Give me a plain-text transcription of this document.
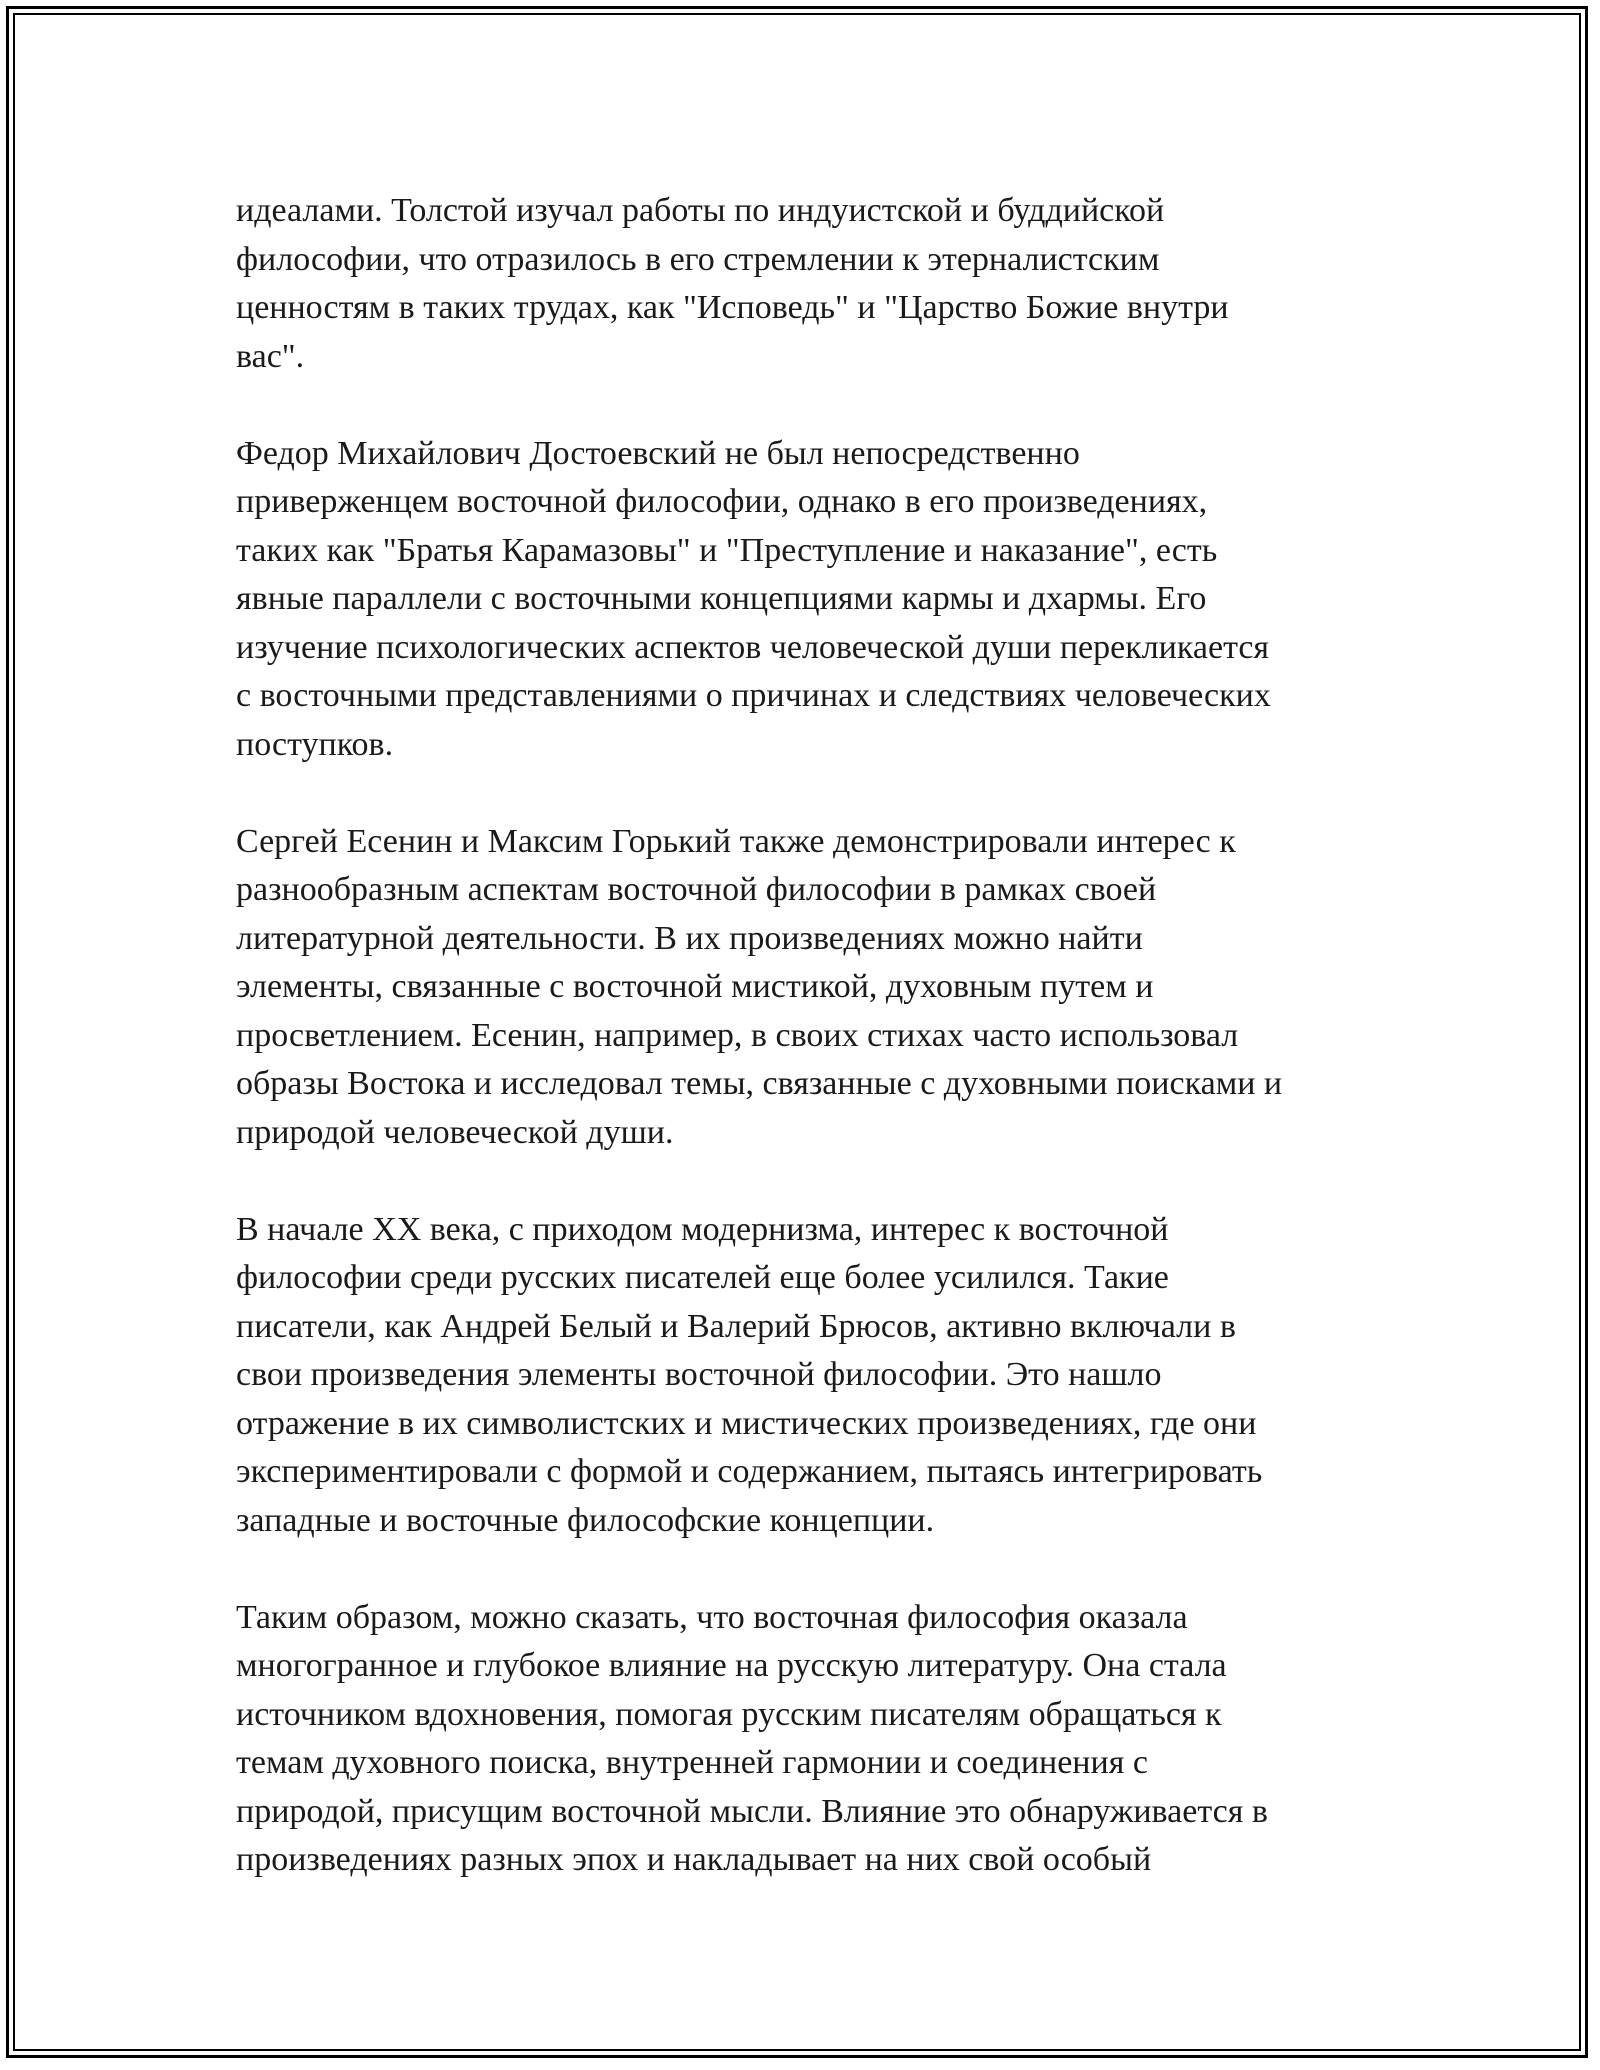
идеалами. Толстой изучал работы по индуистской и буддийской
философии, что отразилось в его стремлении к этерналистским
ценностям в таких трудах, как "Исповедь" и "Царство Божие внутри
вас".

Федор Михайлович Достоевский не был непосредственно
приверженцем восточной философии, однако в его произведениях,
таких как "Братья Карамазовы" и "Преступление и наказание", есть
явные параллели с восточными концепциями кармы и дхармы. Его
изучение психологических аспектов человеческой души перекликается
с восточными представлениями о причинах и следствиях человеческих
поступков.

Сергей Есенин и Максим Горький также демонстрировали интерес к
разнообразным аспектам восточной философии в рамках своей
литературной деятельности. В их произведениях можно найти
элементы, связанные с восточной мистикой, духовным путем и
просветлением. Есенин, например, в своих стихах часто использовал
образы Востока и исследовал темы, связанные с духовными поисками и
природой человеческой души.

В начале XX века, с приходом модернизма, интерес к восточной
философии среди русских писателей еще более усилился. Такие
писатели, как Андрей Белый и Валерий Брюсов, активно включали в
свои произведения элементы восточной философии. Это нашло
отражение в их символистских и мистических произведениях, где они
экспериментировали с формой и содержанием, пытаясь интегрировать
западные и восточные философские концепции.

Таким образом, можно сказать, что восточная философия оказала
многогранное и глубокое влияние на русскую литературу. Она стала
источником вдохновения, помогая русским писателям обращаться к
темам духовного поиска, внутренней гармонии и соединения с
природой, присущим восточной мысли. Влияние это обнаруживается в
произведениях разных эпох и накладывает на них свой особый
